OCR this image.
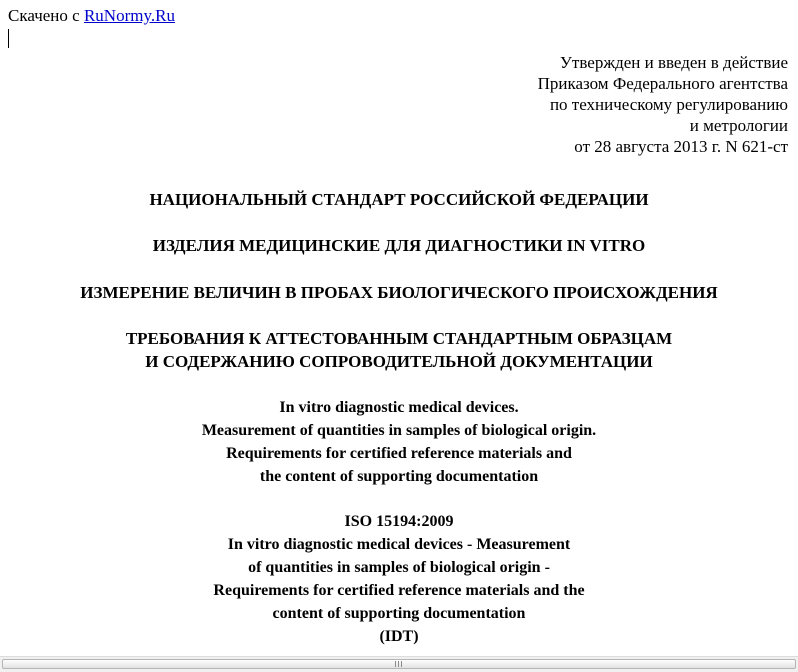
Скачено с RuNormy.Ru
Утвержден и введен в действие
Приказом Федерального агентства
по техническому регулированию
и метрологии
от 28 августа 2013 г. N 621-ст
НАЦИОНАЛЬНЫЙ СТАНДАРТ РОССИЙСКОЙ ФЕДЕРАЦИИ
ИЗДЕЛИЯ МЕДИЦИНСКИЕ ДЛЯ ДИАГНОСТИКИ IN VITRO
ИЗМЕРЕНИЕ ВЕЛИЧИН В ПРОБАХ БИОЛОГИЧЕСКОГО ПРОИСХОЖДЕНИЯ
ТРЕБОВАНИЯ К АТТЕСТОВАННЫМ СТАНДАРТНЫМ ОБРАЗЦАМ
И СОДЕРЖАНИЮ СОПРОВОДИТЕЛЬНОЙ ДОКУМЕНТАЦИИ
In vitro diagnostic medical devices.
Measurement of quantities in samples of biological origin.
Requirements for certified reference materials and
the content of supporting documentation
ISO 15194:2009
In vitro diagnostic medical devices - Measurement
of quantities in samples of biological origin -
Requirements for certified reference materials and the
content of supporting documentation
(IDT)
